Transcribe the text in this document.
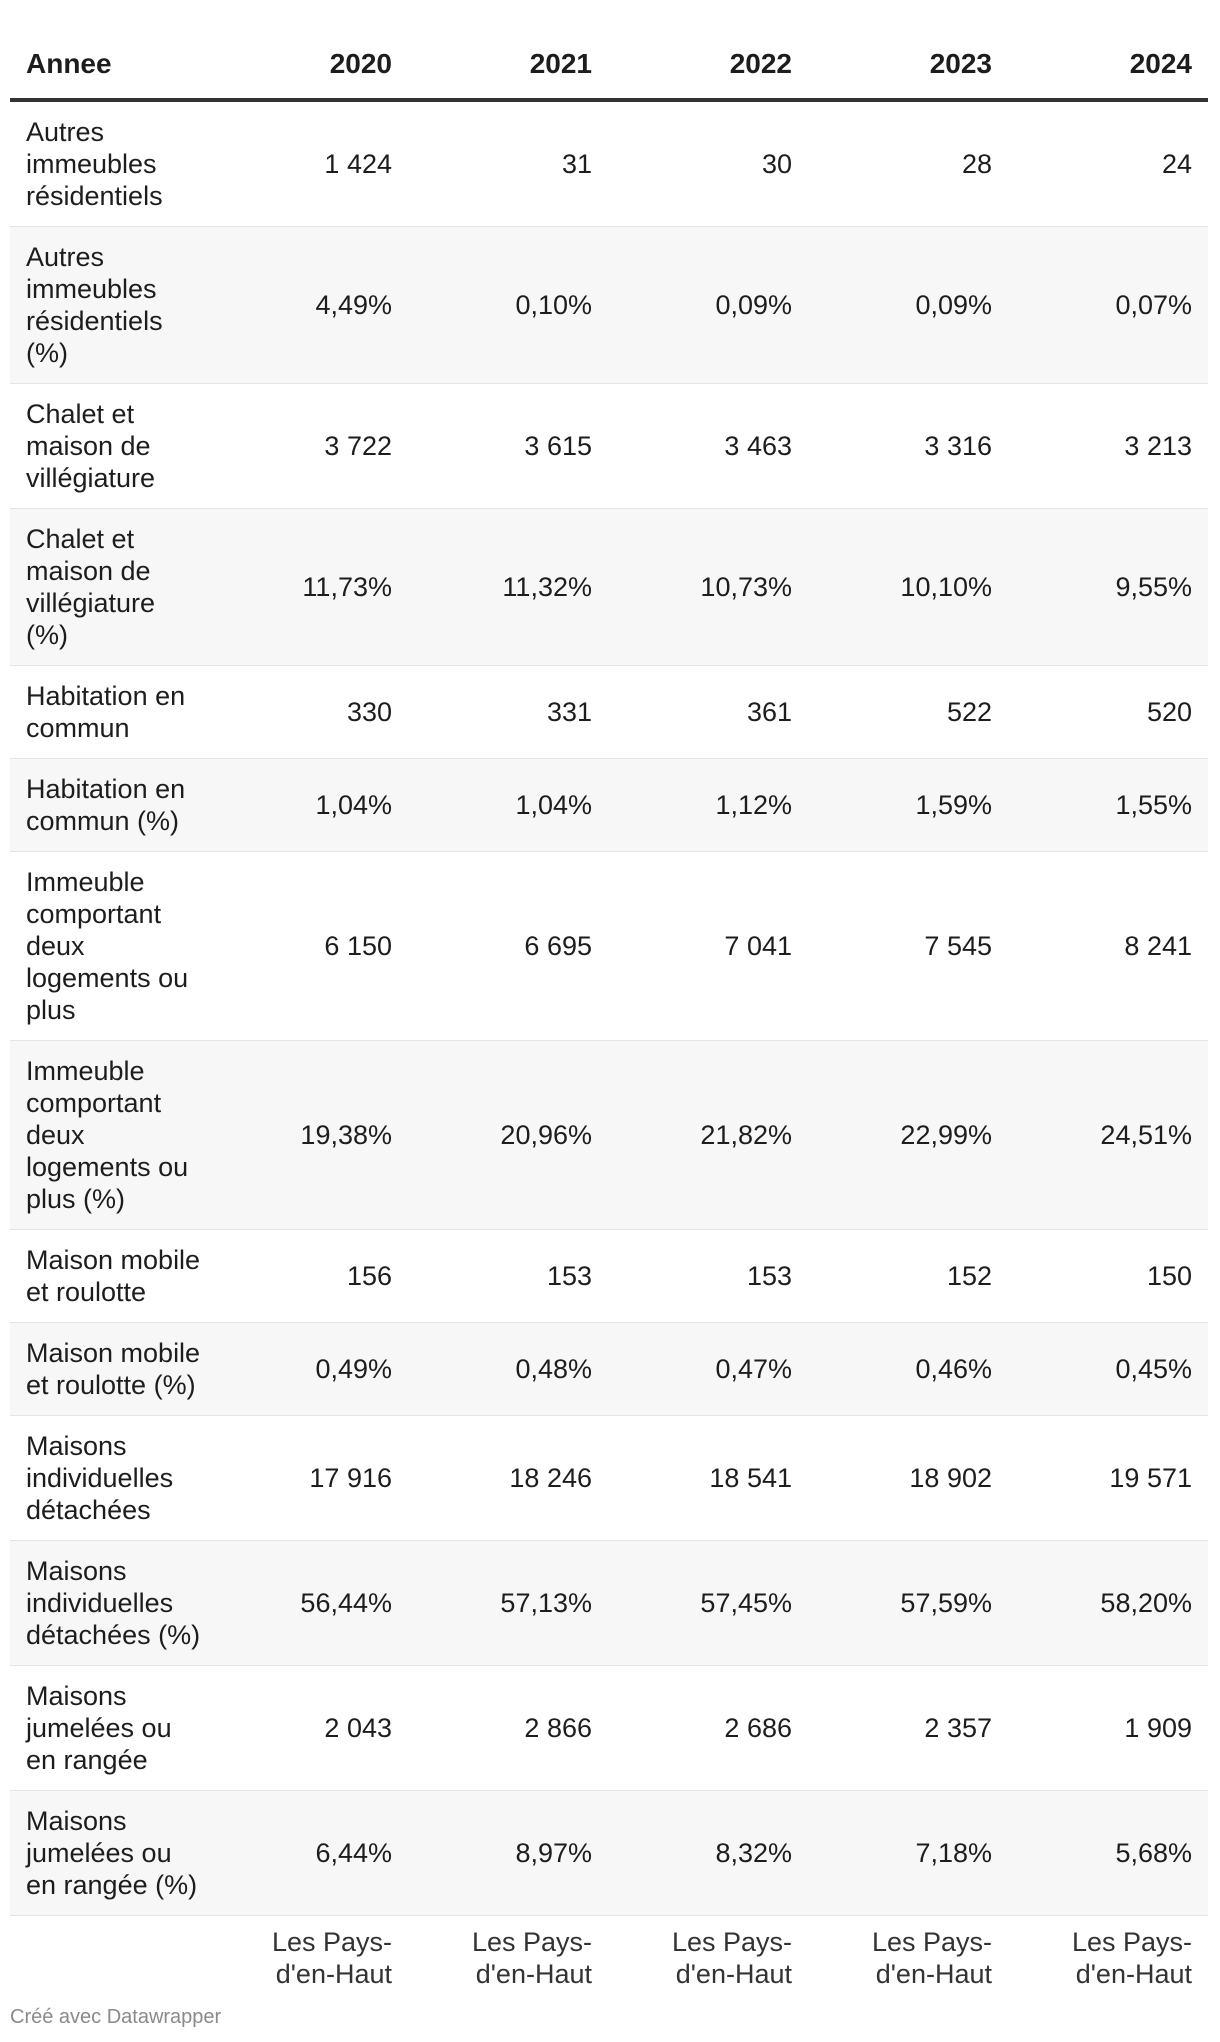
Annee	2020	2021	2022	2023	2024
Autres immeubles résidentiels	1 424	31	30	28	24
Autres immeubles résidentiels (%)	4,49%	0,10%	0,09%	0,09%	0,07%
Chalet et maison de villégiature	3 722	3 615	3 463	3 316	3 213
Chalet et maison de villégiature (%)	11,73%	11,32%	10,73%	10,10%	9,55%
Habitation en commun	330	331	361	522	520
Habitation en commun (%)	1,04%	1,04%	1,12%	1,59%	1,55%
Immeuble comportant deux logements ou plus	6 150	6 695	7 041	7 545	8 241
Immeuble comportant deux logements ou plus (%)	19,38%	20,96%	21,82%	22,99%	24,51%
Maison mobile et roulotte	156	153	153	152	150
Maison mobile et roulotte (%)	0,49%	0,48%	0,47%	0,46%	0,45%
Maisons individuelles détachées	17 916	18 246	18 541	18 902	19 571
Maisons individuelles détachées (%)	56,44%	57,13%	57,45%	57,59%	58,20%
Maisons jumelées ou en rangée	2 043	2 866	2 686	2 357	1 909
Maisons jumelées ou en rangée (%)	6,44%	8,97%	8,32%	7,18%	5,68%
	Les Pays-d'en-Haut	Les Pays-d'en-Haut	Les Pays-d'en-Haut	Les Pays-d'en-Haut	Les Pays-d'en-Haut
Créé avec Datawrapper
